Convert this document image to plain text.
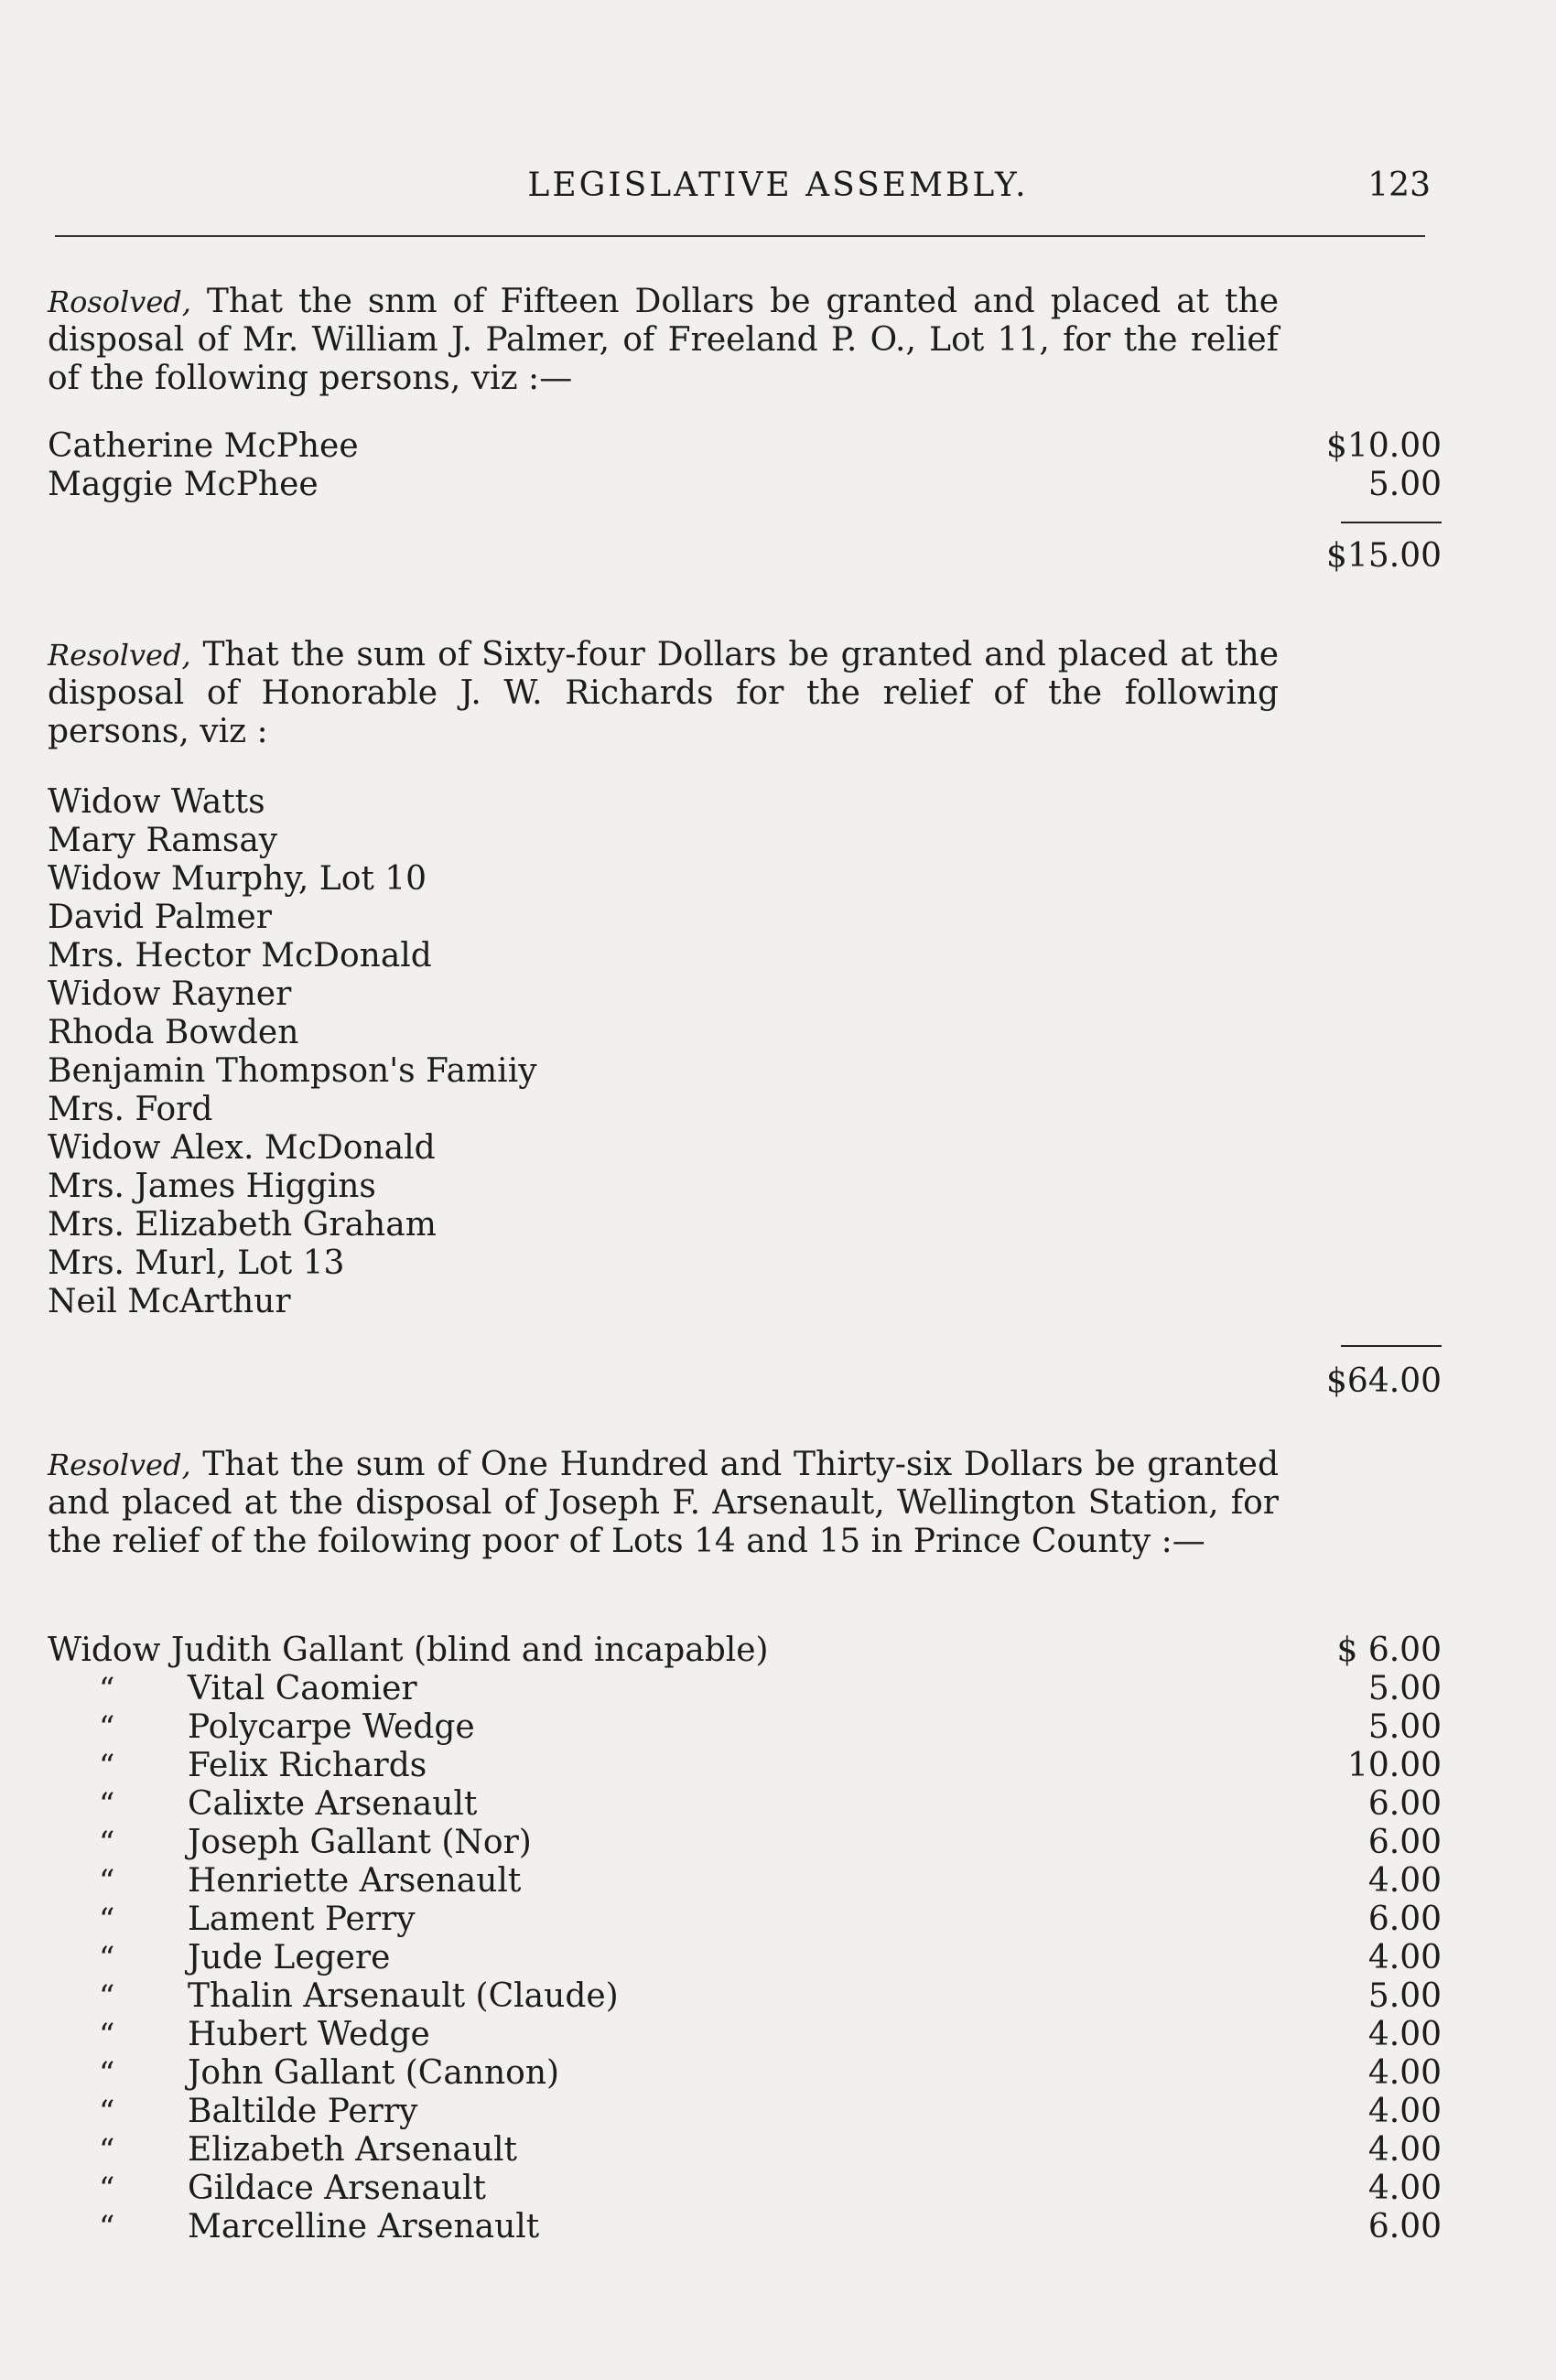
LEGISLATIVE ASSEMBLY.	123
Rosolved, That the snm of Fifteen Dollars be granted and placed at the disposal of Mr. William J. Palmer, of Freeland P. O., Lot 11, for the relief of the following persons, viz :—
Catherine McPhee	$10.00
Maggie McPhee	5.00
$15.00
Resolved, That the sum of Sixty-four Dollars be granted and placed at the disposal of Honorable J. W. Richards for the relief of the following persons, viz :
Widow Watts
Mary Ramsay
Widow Murphy, Lot 10
David Palmer
Mrs. Hector McDonald
Widow Rayner
Rhoda Bowden
Benjamin Thompson's Famiiy
Mrs. Ford
Widow Alex. McDonald
Mrs. James Higgins
Mrs. Elizabeth Graham
Mrs. Murl, Lot 13
Neil McArthur
$64.00
Resolved, That the sum of One Hundred and Thirty-six Dollars be granted and placed at the disposal of Joseph F. Arsenault, Wellington Station, for the relief of the foilowing poor of Lots 14 and 15 in Prince County :—
Widow Judith Gallant (blind and incapable)	$ 6.00
“ Vital Caomier	5.00
“ Polycarpe Wedge	5.00
“ Felix Richards	10.00
“ Calixte Arsenault	6.00
“ Joseph Gallant (Nor)	6.00
“ Henriette Arsenault	4.00
“ Lament Perry	6.00
“ Jude Legere	4.00
“ Thalin Arsenault (Claude)	5.00
“ Hubert Wedge	4.00
“ John Gallant (Cannon)	4.00
“ Baltilde Perry	4.00
“ Elizabeth Arsenault	4.00
“ Gildace Arsenault	4.00
“ Marcelline Arsenault	6.00
